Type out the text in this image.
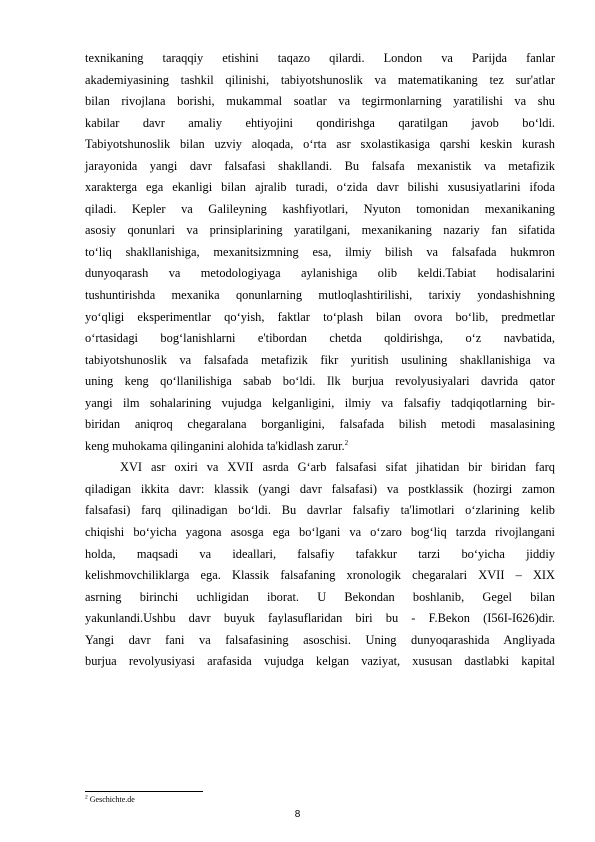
texnikaning taraqqiy etishini taqazo qilardi. London va Parijda fanlar
akademiyasining tashkil qilinishi, tabiyotshunoslik va matematikaning tez sur'atlar
bilan rivojlana borishi, mukammal soatlar va tegirmonlarning yaratilishi va shu
kabilar davr amaliy ehtiyojini qondirishga qaratilgan javob bo‘ldi.
Tabiyotshunoslik bilan uzviy aloqada, o‘rta asr sxolastikasiga qarshi keskin kurash
jarayonida yangi davr falsafasi shakllandi. Bu falsafa mexanistik va metafizik
xarakterga ega ekanligi bilan ajralib turadi, o‘zida davr bilishi xususiyatlarini ifoda
qiladi. Kepler va Galileyning kashfiyotlari, Nyuton tomonidan mexanikaning
asosiy qonunlari va prinsiplarining yaratilgani, mexanikaning nazariy fan sifatida
to‘liq shakllanishiga, mexanitsizmning esa, ilmiy bilish va falsafada hukmron
dunyoqarash va metodologiyaga aylanishiga olib keldi.Tabiat hodisalarini
tushuntirishda mexanika qonunlarning mutloqlashtirilishi, tarixiy yondashishning
yo‘qligi eksperimentlar qo‘yish, faktlar to‘plash bilan ovora bo‘lib, predmetlar
o‘rtasidagi bog‘lanishlarni e'tibordan chetda qoldirishga, o‘z navbatida,
tabiyotshunoslik va falsafada metafizik fikr yuritish usulining shakllanishiga va
uning keng qo‘llanilishiga sabab bo‘ldi. Ilk burjua revolyusiyalari davrida qator
yangi ilm sohalarining vujudga kelganligini, ilmiy va falsafiy tadqiqotlarning bir-
biridan aniqroq chegaralana borganligini, falsafada bilish metodi masalasining
keng muhokama qilinganini alohida ta'kidlash zarur.$^2$

XVI asr oxiri va XVII asrda G‘arb falsafasi sifat jihatidan bir biridan farq
qiladigan ikkita davr: klassik (yangi davr falsafasi) va postklassik (hozirgi zamon
falsafasi) farq qilinadigan bo‘ldi. Bu davrlar falsafiy ta'limotlari o‘zlarining kelib
chiqishi bo‘yicha yagona asosga ega bo‘lgani va o‘zaro bog‘liq tarzda rivojlangani
holda, maqsadi va ideallari, falsafiy tafakkur tarzi bo‘yicha jiddiy
kelishmovchiliklarga ega. Klassik falsafaning xronologik chegaralari XVII – XIX
asrning birinchi uchligidan iborat. U Bekondan boshlanib, Gegel bilan
yakunlandi.Ushbu davr buyuk faylasuflaridan biri bu - F.Bekon (I56I-I626)dir.
Yangi davr fani va falsafasining asoschisi. Uning dunyoqarashida Angliyada
burjua revolyusiyasi arafasida vujudga kelgan vaziyat, xususan dastlabki kapital

$^2$ Geschichte.de
8
